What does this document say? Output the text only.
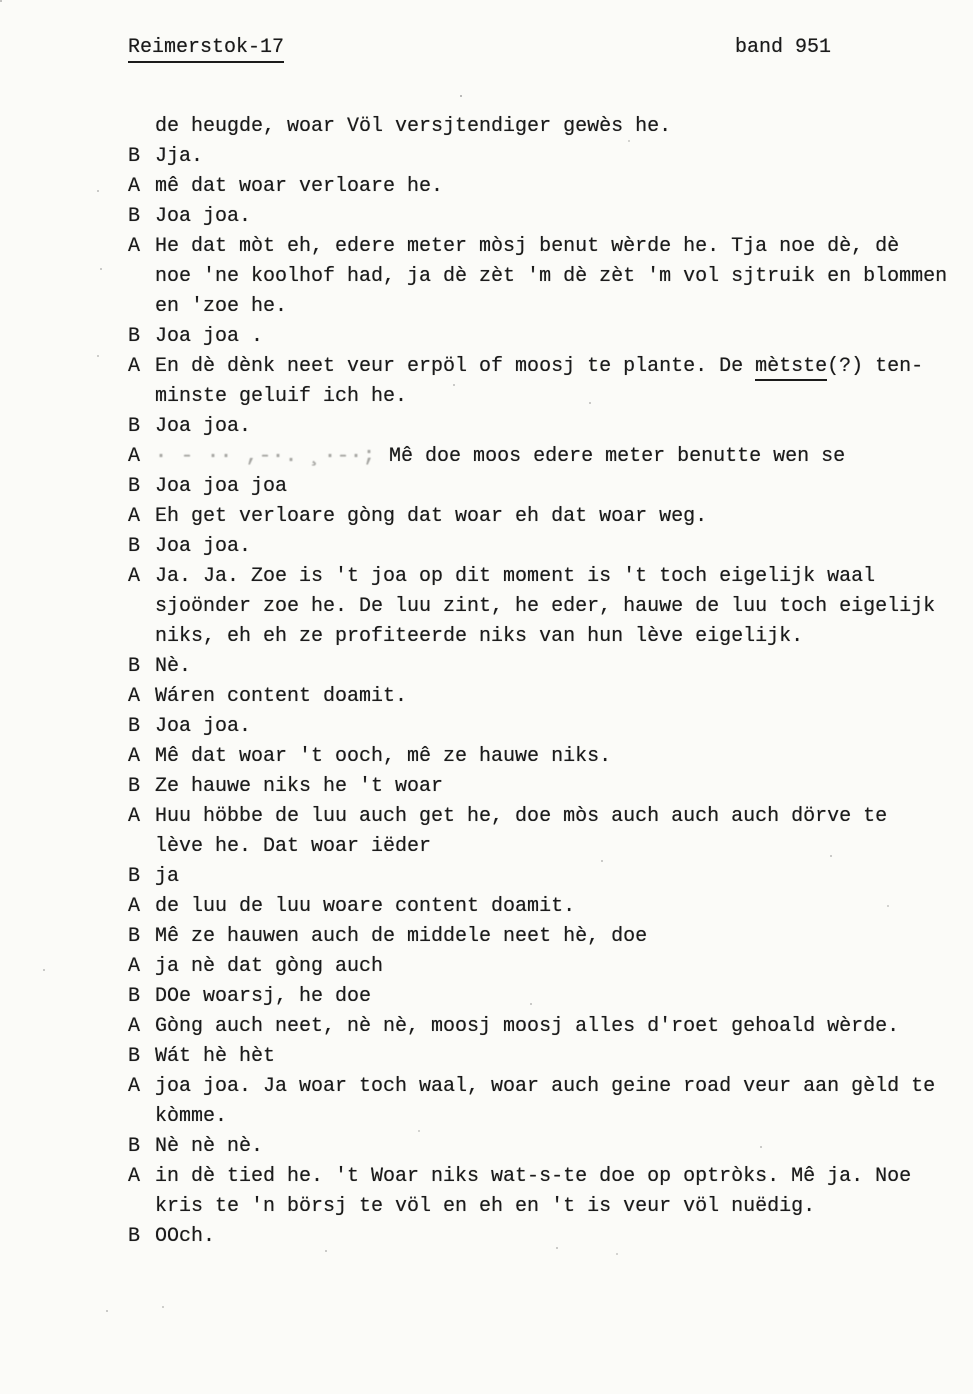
Reimerstok-17	band 951
de heugde, woar Völ versjtendiger gewès he.
B Jja.
A mê dat woar verloare he.
B Joa joa.
A He dat mòt eh, edere meter mòsj benut wèrde he. Tja noe dè, dè
noe 'ne koolhof had, ja dè zèt 'm dè zèt 'm vol sjtruik en blommen
en 'zoe he.
B Joa joa .
A En dè dènk neet veur erpöl of moosj te plante. De mètste(?) ten-
minste geluif ich he.
B Joa joa.
A · - ·· ,-·. ¸·-·; Mê doe moos edere meter benutte wen se
B Joa joa joa
A Eh get verloare gòng dat woar eh dat woar weg.
B Joa joa.
A Ja. Ja. Zoe is 't joa op dit moment is 't toch eigelijk waal
sjoönder zoe he. De luu zint, he eder, hauwe de luu toch eigelijk
niks, eh eh ze profiteerde niks van hun lève eigelijk.
B Nè.
A Wáren content doamit.
B Joa joa.
A Mê dat woar 't ooch, mê ze hauwe niks.
B Ze hauwe niks he 't woar
A Huu höbbe de luu auch get he, doe mòs auch auch auch dörve te
lève he. Dat woar iëder
B ja
A de luu de luu woare content doamit.
B Mê ze hauwen auch de middele neet hè, doe
A ja nè dat gòng auch
B DOe woarsj, he doe
A Gòng auch neet, nè nè, moosj moosj alles d'roet gehoald wèrde.
B Wát hè hèt
A joa joa. Ja woar toch waal, woar auch geine road veur aan gèld te
kòmme.
B Nè nè nè.
A in dè tied he. 't Woar niks wat-s-te doe op optròks. Mê ja. Noe
kris te 'n börsj te völ en eh en 't is veur völ nuëdig.
B OOch.
